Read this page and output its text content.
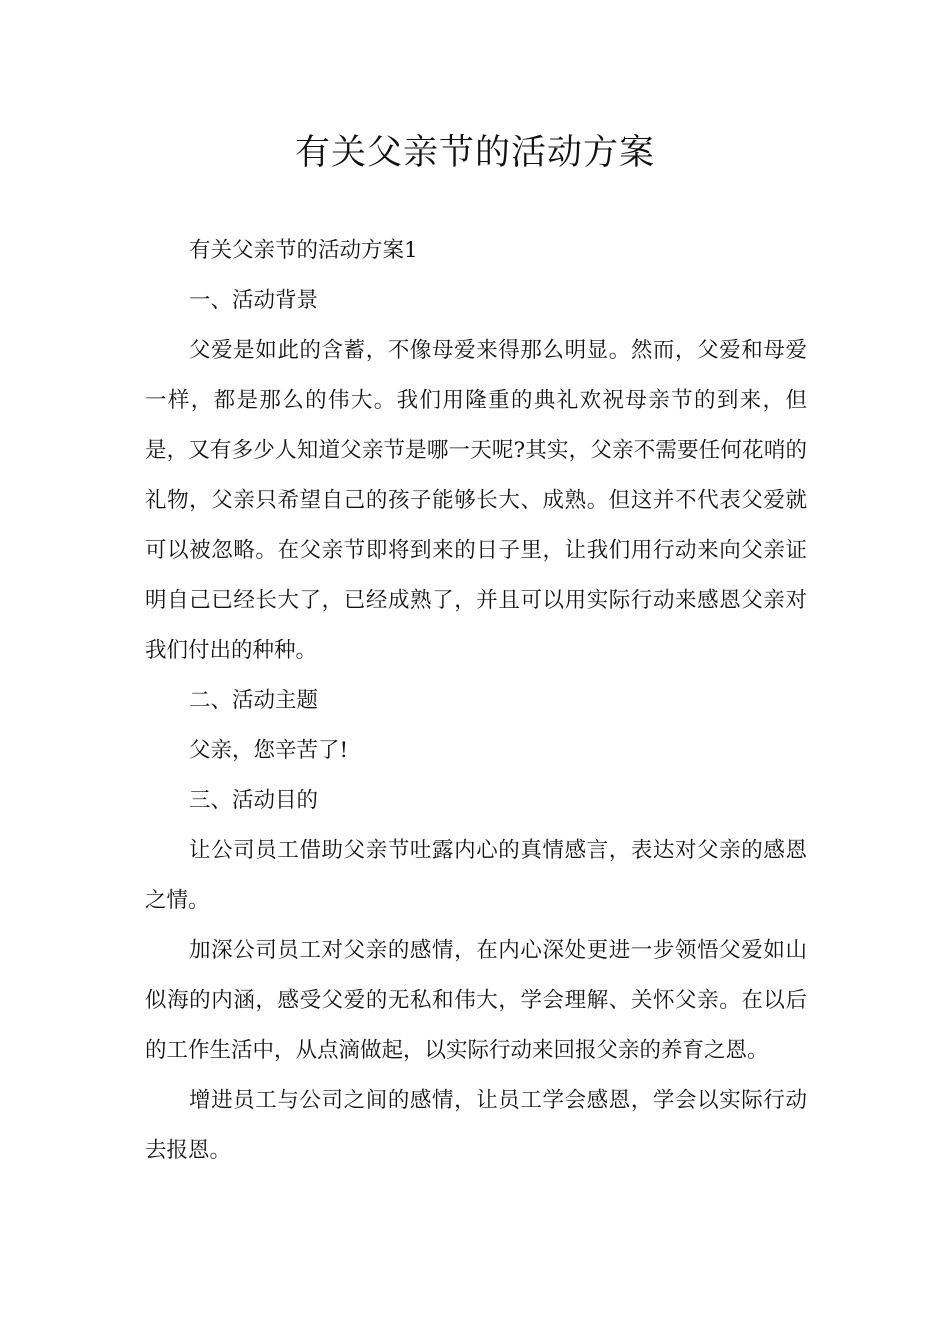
有关父亲节的活动方案

有关父亲节的活动方案1

一、活动背景

父爱是如此的含蓄，不像母爱来得那么明显。然而，父爱和母爱一样，都是那么的伟大。我们用隆重的典礼欢祝母亲节的到来，但是，又有多少人知道父亲节是哪一天呢?其实，父亲不需要任何花哨的礼物，父亲只希望自己的孩子能够长大、成熟。但这并不代表父爱就可以被忽略。在父亲节即将到来的日子里，让我们用行动来向父亲证明自己已经长大了，已经成熟了，并且可以用实际行动来感恩父亲对我们付出的种种。

二、活动主题

父亲，您辛苦了!

三、活动目的

让公司员工借助父亲节吐露内心的真情感言，表达对父亲的感恩之情。

加深公司员工对父亲的感情，在内心深处更进一步领悟父爱如山似海的内涵，感受父爱的无私和伟大，学会理解、关怀父亲。在以后的工作生活中，从点滴做起，以实际行动来回报父亲的养育之恩。

增进员工与公司之间的感情，让员工学会感恩，学会以实际行动去报恩。
